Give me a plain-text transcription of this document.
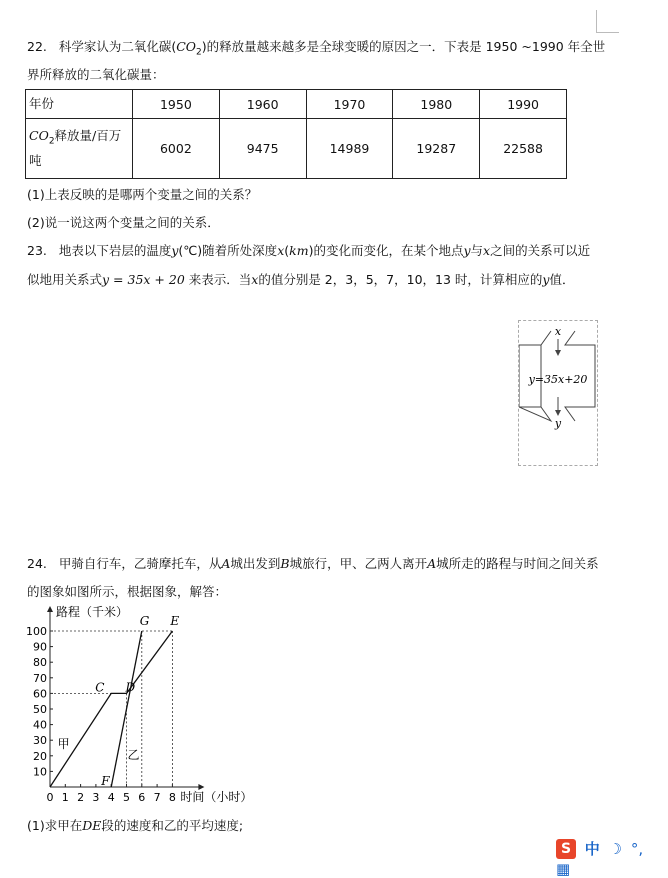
22. 科学家认为二氧化碳$(CO_2)$的释放量越来越多是全球变暖的原因之一．下表是 1950 ~1990 年全世
界所释放的二氧化碳量：
年份	1950	1960	1970	1980	1990
$CO_2$释放量/百万
吨	6002	9475	14989	19287	22588
(1)上表反映的是哪两个变量之间的关系？
(2)说一说这两个变量之间的关系．
23. 地表以下岩层的温度y(℃)随着所处深度x(km)的变化而变化，在某个地点y与x之间的关系可以近
似地用关系式y = 35x + 20 来表示．当x的值分别是 2，3，5，7，10，13 时，计算相应的y值．
x
y=35x+20
y
24. 甲骑自行车，乙骑摩托车，从A城出发到B城旅行，甲、乙两人离开A城所走的路程与时间之间关系
的图象如图所示，根据图象，解答：
0 1 2 3 4 5 6 7 8
10
20
30
40
50
60
70
80
90
100
路程（千米）
时间（小时）
甲
乙
C D
G E
F
(1)求甲在DE段的速度和乙的平均速度;
S 中 ☽ °, ▦
